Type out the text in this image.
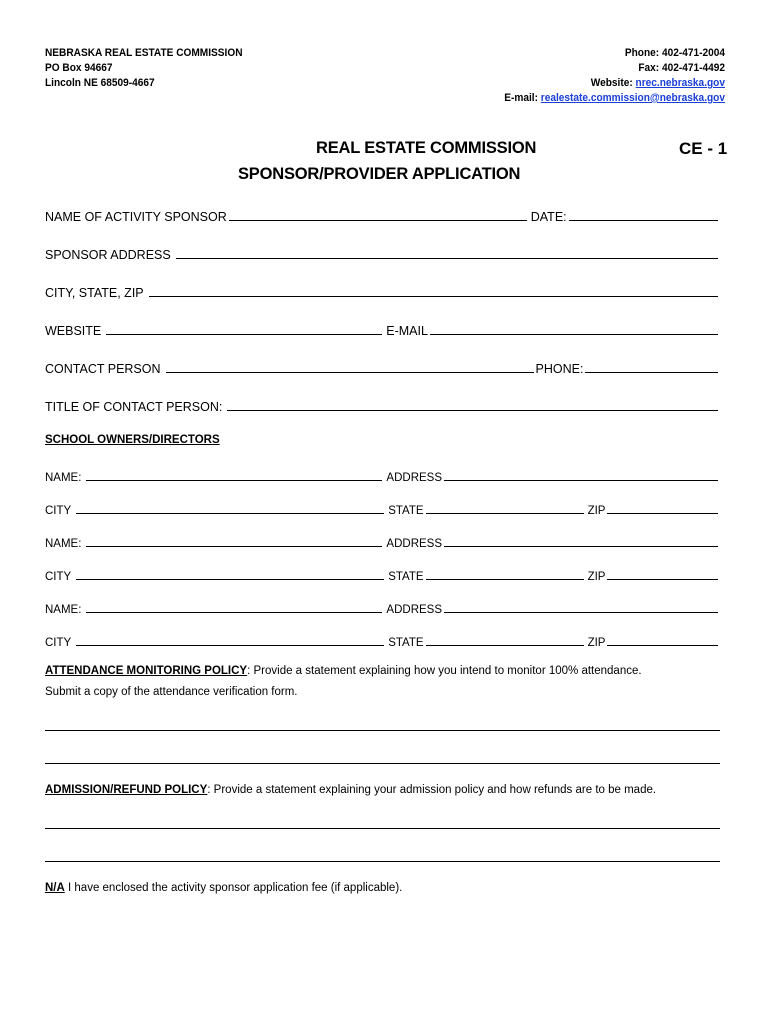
NEBRASKA REAL ESTATE COMMISSION
PO Box 94667
Lincoln NE 68509-4667
Phone: 402-471-2004
Fax: 402-471-4492
Website: nrec.nebraska.gov
E-mail: realestate.commission@nebraska.gov
REAL ESTATE COMMISSION
SPONSOR/PROVIDER APPLICATION
CE - 1
NAME OF ACTIVITY SPONSOR	DATE:
SPONSOR ADDRESS
CITY, STATE, ZIP
WEBSITE	E-MAIL
CONTACT PERSON	PHONE:
TITLE OF CONTACT PERSON:
SCHOOL OWNERS/DIRECTORS
NAME:	ADDRESS
CITY	STATE	ZIP
NAME:	ADDRESS
CITY	STATE	ZIP
NAME:	ADDRESS
CITY	STATE	ZIP
ATTENDANCE MONITORING POLICY: Provide a statement explaining how you intend to monitor 100% attendance.
Submit a copy of the attendance verification form.
ADMISSION/REFUND POLICY: Provide a statement explaining your admission policy and how refunds are to be made.
N/A I have enclosed the activity sponsor application fee (if applicable).
